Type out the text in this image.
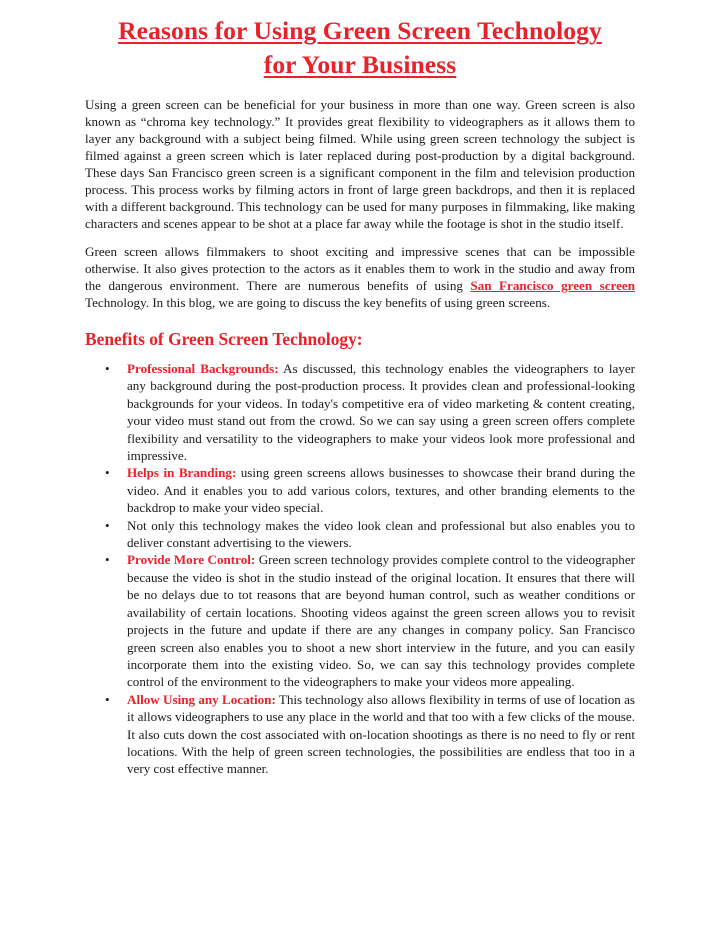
Reasons for Using Green Screen Technology
for Your Business

Using a green screen can be beneficial for your business in more than one way. Green screen is also known as “chroma key technology.” It provides great flexibility to videographers as it allows them to layer any background with a subject being filmed. While using green screen technology the subject is filmed against a green screen which is later replaced during post-production by a digital background. These days San Francisco green screen is a significant component in the film and television production process. This process works by filming actors in front of large green backdrops, and then it is replaced with a different background. This technology can be used for many purposes in filmmaking, like making characters and scenes appear to be shot at a place far away while the footage is shot in the studio itself.

Green screen allows filmmakers to shoot exciting and impressive scenes that can be impossible otherwise. It also gives protection to the actors as it enables them to work in the studio and away from the dangerous environment. There are numerous benefits of using San Francisco green screen Technology. In this blog, we are going to discuss the key benefits of using green screens.

Benefits of Green Screen Technology:
• Professional Backgrounds: As discussed, this technology enables the videographers to layer any background during the post-production process. It provides clean and professional-looking backgrounds for your videos. In today's competitive era of video marketing & content creating, your video must stand out from the crowd. So we can say using a green screen offers complete flexibility and versatility to the videographers to make your videos look more professional and impressive.
• Helps in Branding: using green screens allows businesses to showcase their brand during the video. And it enables you to add various colors, textures, and other branding elements to the backdrop to make your video special.
• Not only this technology makes the video look clean and professional but also enables you to deliver constant advertising to the viewers.
• Provide More Control: Green screen technology provides complete control to the videographer because the video is shot in the studio instead of the original location. It ensures that there will be no delays due to tot reasons that are beyond human control, such as weather conditions or availability of certain locations. Shooting videos against the green screen allows you to revisit projects in the future and update if there are any changes in company policy. San Francisco green screen also enables you to shoot a new short interview in the future, and you can easily incorporate them into the existing video. So, we can say this technology provides complete control of the environment to the videographers to make your videos more appealing.
• Allow Using any Location: This technology also allows flexibility in terms of use of location as it allows videographers to use any place in the world and that too with a few clicks of the mouse. It also cuts down the cost associated with on-location shootings as there is no need to fly or rent locations. With the help of green screen technologies, the possibilities are endless that too in a very cost effective manner.
